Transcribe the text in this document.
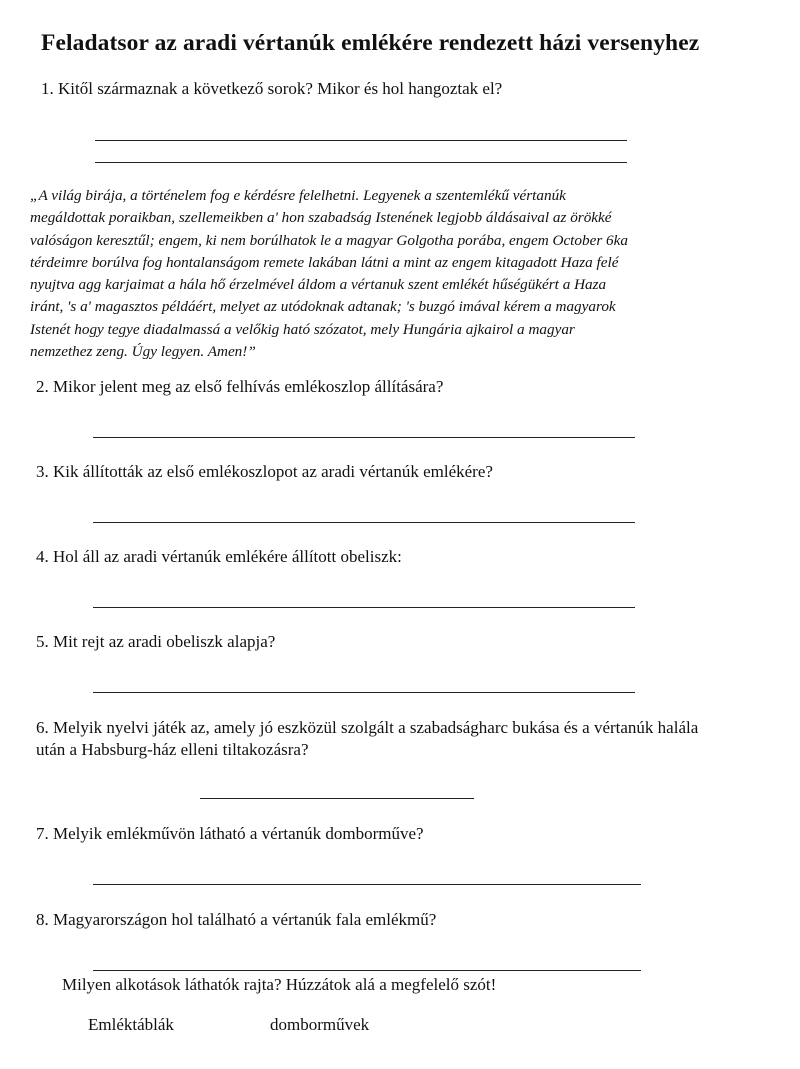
Feladatsor az aradi vértanúk emlékére rendezett házi versenyhez
1. Kitől származnak a következő sorok? Mikor és hol hangoztak el?
„A világ birája, a történelem fog e kérdésre felelhetni. Legyenek a szentemlékű vértanúk
megáldottak poraikban, szellemeikben a' hon szabadság Istenének legjobb áldásaival az örökké
valóságon keresztűl; engem, ki nem borúlhatok le a magyar Golgotha porába, engem October 6ka
térdeimre borúlva fog hontalanságom remete lakában látni a mint az engem kitagadott Haza felé
nyujtva agg karjaimat a hála hő érzelmével áldom a vértanuk szent emlékét hűségükért a Haza
iránt, 's a' magasztos példáért, melyet az utódoknak adtanak; 's buzgó imával kérem a magyarok
Istenét hogy tegye diadalmassá a velőkig ható szózatot, mely Hungária ajkairol a magyar
nemzethez zeng. Úgy legyen. Amen!”
2. Mikor jelent meg az első felhívás emlékoszlop állítására?
3. Kik állították az első emlékoszlopot az aradi vértanúk emlékére?
4. Hol áll az aradi vértanúk emlékére állított obeliszk:
5. Mit rejt az aradi obeliszk alapja?
6. Melyik nyelvi játék az, amely jó eszközül szolgált a szabadságharc bukása és a vértanúk halála
után a Habsburg-ház elleni tiltakozásra?
7. Melyik emlékművön látható a vértanúk domborműve?
8. Magyarországon hol található a vértanúk fala emlékmű?
Milyen alkotások láthatók rajta? Húzzátok alá a megfelelő szót!
Emléktáblák	domborművek
